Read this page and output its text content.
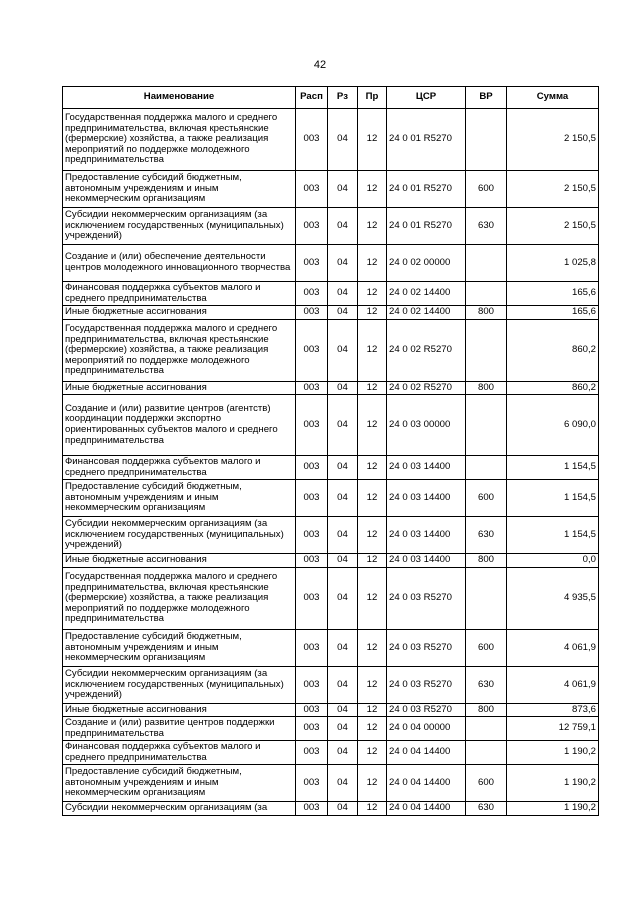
42
Наименование	Расп	Рз	Пр	ЦСР	ВР	Сумма
Государственная поддержка малого и среднего предпринимательства, включая крестьянские (фермерские) хозяйства, а также реализация мероприятий по поддержке молодежного предпринимательства	003	04	12	24 0 01 R5270		2 150,5
Предоставление субсидий бюджетным, автономным учреждениям и иным некоммерческим организациям	003	04	12	24 0 01 R5270	600	2 150,5
Субсидии некоммерческим организациям (за исключением государственных (муниципальных) учреждений)	003	04	12	24 0 01 R5270	630	2 150,5
Создание и (или) обеспечение деятельности центров молодежного инновационного творчества	003	04	12	24 0 02 00000		1 025,8
Финансовая поддержка субъектов малого и среднего предпринимательства	003	04	12	24 0 02 14400		165,6
Иные бюджетные ассигнования	003	04	12	24 0 02 14400	800	165,6
Государственная поддержка малого и среднего предпринимательства, включая крестьянские (фермерские) хозяйства, а также реализация мероприятий по поддержке молодежного предпринимательства	003	04	12	24 0 02 R5270		860,2
Иные бюджетные ассигнования	003	04	12	24 0 02 R5270	800	860,2
Создание и (или) развитие центров (агентств) координации поддержки экспортно ориентированных субъектов малого и среднего предпринимательства	003	04	12	24 0 03 00000		6 090,0
Финансовая поддержка субъектов малого и среднего предпринимательства	003	04	12	24 0 03 14400		1 154,5
Предоставление субсидий бюджетным, автономным учреждениям и иным некоммерческим организациям	003	04	12	24 0 03 14400	600	1 154,5
Субсидии некоммерческим организациям (за исключением государственных (муниципальных) учреждений)	003	04	12	24 0 03 14400	630	1 154,5
Иные бюджетные ассигнования	003	04	12	24 0 03 14400	800	0,0
Государственная поддержка малого и среднего предпринимательства, включая крестьянские (фермерские) хозяйства, а также реализация мероприятий по поддержке молодежного предпринимательства	003	04	12	24 0 03 R5270		4 935,5
Предоставление субсидий бюджетным, автономным учреждениям и иным некоммерческим организациям	003	04	12	24 0 03 R5270	600	4 061,9
Субсидии некоммерческим организациям (за исключением государственных (муниципальных) учреждений)	003	04	12	24 0 03 R5270	630	4 061,9
Иные бюджетные ассигнования	003	04	12	24 0 03 R5270	800	873,6
Создание и (или) развитие центров поддержки предпринимательства	003	04	12	24 0 04 00000		12 759,1
Финансовая поддержка субъектов малого и среднего предпринимательства	003	04	12	24 0 04 14400		1 190,2
Предоставление субсидий бюджетным, автономным учреждениям и иным некоммерческим организациям	003	04	12	24 0 04 14400	600	1 190,2
Субсидии некоммерческим организациям (за	003	04	12	24 0 04 14400	630	1 190,2
